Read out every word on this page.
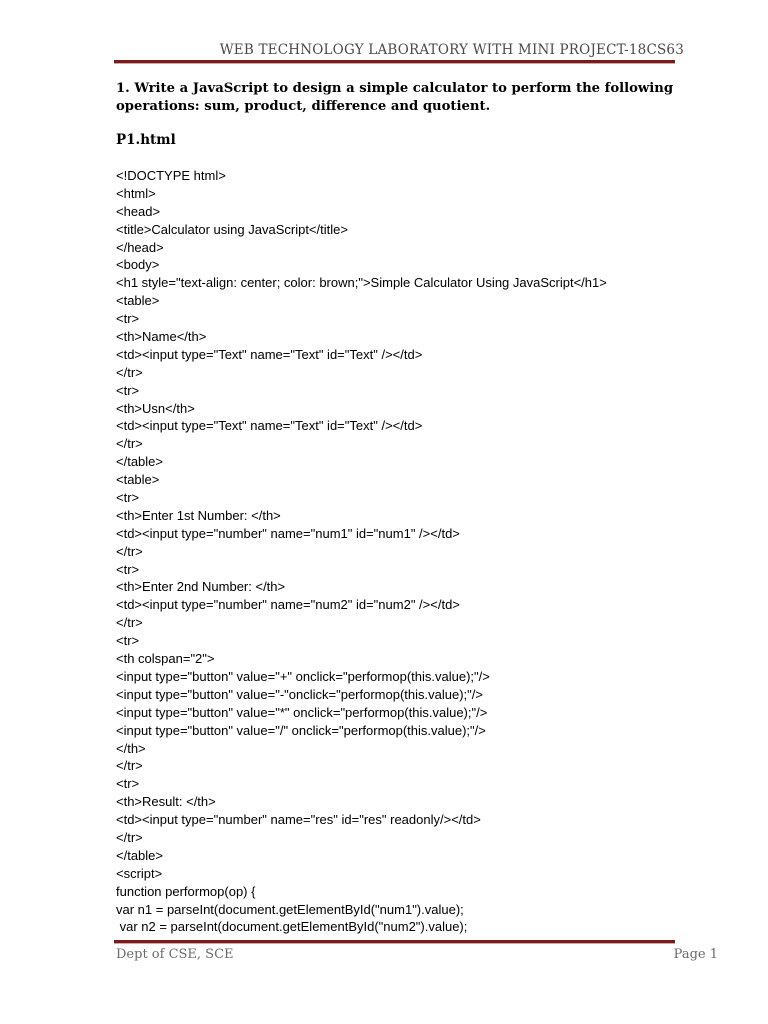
WEB TECHNOLOGY LABORATORY WITH MINI PROJECT-18CS63
1. Write a JavaScript to design a simple calculator to perform the following
operations: sum, product, difference and quotient.
P1.html
<!DOCTYPE html>
<html>
<head>
<title>Calculator using JavaScript</title>
</head>
<body>
<h1 style="text-align: center; color: brown;">Simple Calculator Using JavaScript</h1>
<table>
<tr>
<th>Name</th>
<td><input type="Text" name="Text" id="Text" /></td>
</tr>
<tr>
<th>Usn</th>
<td><input type="Text" name="Text" id="Text" /></td>
</tr>
</table>
<table>
<tr>
<th>Enter 1st Number: </th>
<td><input type="number" name="num1" id="num1" /></td>
</tr>
<tr>
<th>Enter 2nd Number: </th>
<td><input type="number" name="num2" id="num2" /></td>
</tr>
<tr>
<th colspan="2">
<input type="button" value="+" onclick="performop(this.value);"/>
<input type="button" value="-"onclick="performop(this.value);"/>
<input type="button" value="*" onclick="performop(this.value);"/>
<input type="button" value="/" onclick="performop(this.value);"/>
</th>
</tr>
<tr>
<th>Result: </th>
<td><input type="number" name="res" id="res" readonly/></td>
</tr>
</table>
<script>
function performop(op) {
var n1 = parseInt(document.getElementById("num1").value);
var n2 = parseInt(document.getElementById("num2").value);
Dept of CSE, SCE	Page 1
